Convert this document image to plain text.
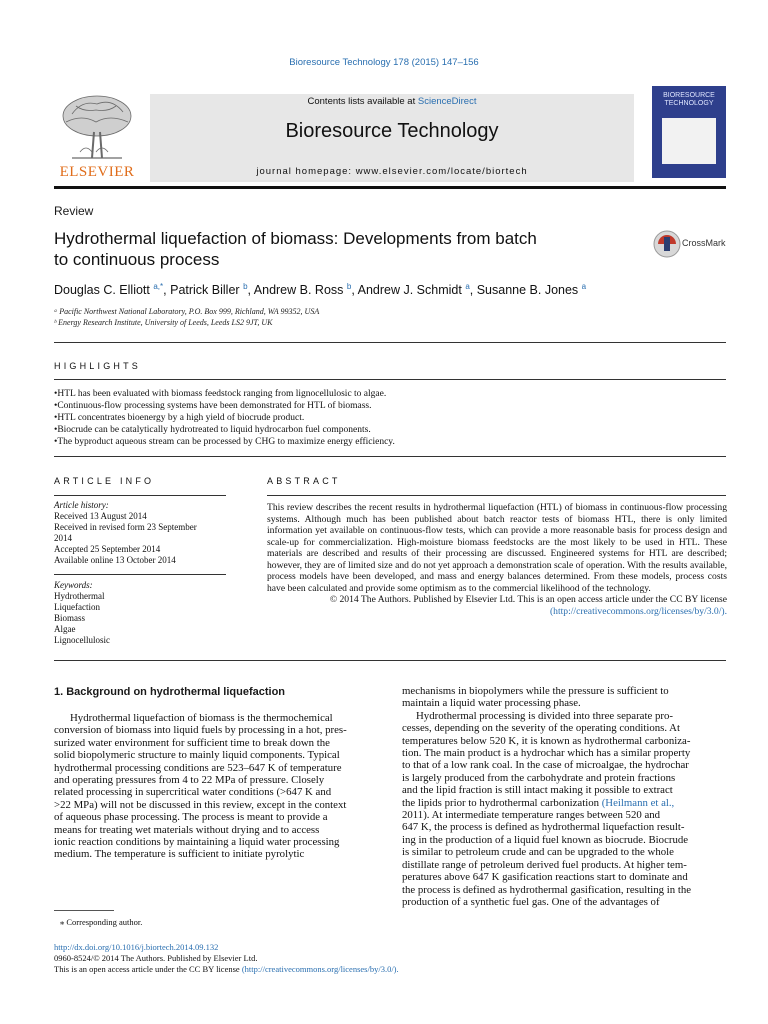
Bioresource Technology 178 (2015) 147–156
ELSEVIER
Contents lists available at ScienceDirect
Bioresource Technology
journal homepage: www.elsevier.com/locate/biortech
BIORESOURCE TECHNOLOGY
Review
Hydrothermal liquefaction of biomass: Developments from batch
to continuous process
CrossMark
Douglas C. Elliott $^{a,*}$, Patrick Biller $^b$, Andrew B. Ross $^b$, Andrew J. Schmidt $^a$, Susanne B. Jones $^a$
ᵃ Pacific Northwest National Laboratory, P.O. Box 999, Richland, WA 99352, USA
ᵇ Energy Research Institute, University of Leeds, Leeds LS2 9JT, UK
HIGHLIGHTS
• HTL has been evaluated with biomass feedstock ranging from lignocellulosic to algae.
• Continuous-flow processing systems have been demonstrated for HTL of biomass.
• HTL concentrates bioenergy by a high yield of biocrude product.
• Biocrude can be catalytically hydrotreated to liquid hydrocarbon fuel components.
• The byproduct aqueous stream can be processed by CHG to maximize energy efficiency.
ARTICLE INFO
Article history:
Received 13 August 2014
Received in revised form 23 September
2014
Accepted 25 September 2014
Available online 13 October 2014
Keywords:
Hydrothermal
Liquefaction
Biomass
Algae
Lignocellulosic
ABSTRACT
This review describes the recent results in hydrothermal liquefaction (HTL) of biomass in continuous-flow processing systems. Although much has been published about batch reactor tests of biomass HTL, there is only limited information yet available on continuous-flow tests, which can provide a more reasonable basis for process design and scale-up for commercialization. High-moisture biomass feedstocks are the most likely to be used in HTL. These materials are described and results of their processing are discussed. Engineered systems for HTL are described; however, they are of limited size and do not yet approach a demonstration scale of operation. With the results available, process models have been developed, and mass and energy balances determined. From these models, process costs have been calculated and provide some optimism as to the commercial likelihood of the technology.
© 2014 The Authors. Published by Elsevier Ltd. This is an open access article under the CC BY license
(http://creativecommons.org/licenses/by/3.0/).
1. Background on hydrothermal liquefaction
Hydrothermal liquefaction of biomass is the thermochemical
conversion of biomass into liquid fuels by processing in a hot, pres-
surized water environment for sufficient time to break down the
solid biopolymeric structure to mainly liquid components. Typical
hydrothermal processing conditions are 523–647 K of temperature
and operating pressures from 4 to 22 MPa of pressure. Closely
related processing in supercritical water conditions (>647 K and
>22 MPa) will not be discussed in this review, except in the context
of aqueous phase processing. The process is meant to provide a
means for treating wet materials without drying and to access
ionic reaction conditions by maintaining a liquid water processing
medium. The temperature is sufficient to initiate pyrolytic
mechanisms in biopolymers while the pressure is sufficient to
maintain a liquid water processing phase.
Hydrothermal processing is divided into three separate pro-
cesses, depending on the severity of the operating conditions. At
temperatures below 520 K, it is known as hydrothermal carboniza-
tion. The main product is a hydrochar which has a similar property
to that of a low rank coal. In the case of microalgae, the hydrochar
is largely produced from the carbohydrate and protein fractions
and the lipid fraction is still intact making it possible to extract
the lipids prior to hydrothermal carbonization (Heilmann et al.,
2011). At intermediate temperature ranges between 520 and
647 K, the process is defined as hydrothermal liquefaction result-
ing in the production of a liquid fuel known as biocrude. Biocrude
is similar to petroleum crude and can be upgraded to the whole
distillate range of petroleum derived fuel products. At higher tem-
peratures above 647 K gasification reactions start to dominate and
the process is defined as hydrothermal gasification, resulting in the
production of a synthetic fuel gas. One of the advantages of
⁎ Corresponding author.
http://dx.doi.org/10.1016/j.biortech.2014.09.132
0960-8524/© 2014 The Authors. Published by Elsevier Ltd.
This is an open access article under the CC BY license (http://creativecommons.org/licenses/by/3.0/).
